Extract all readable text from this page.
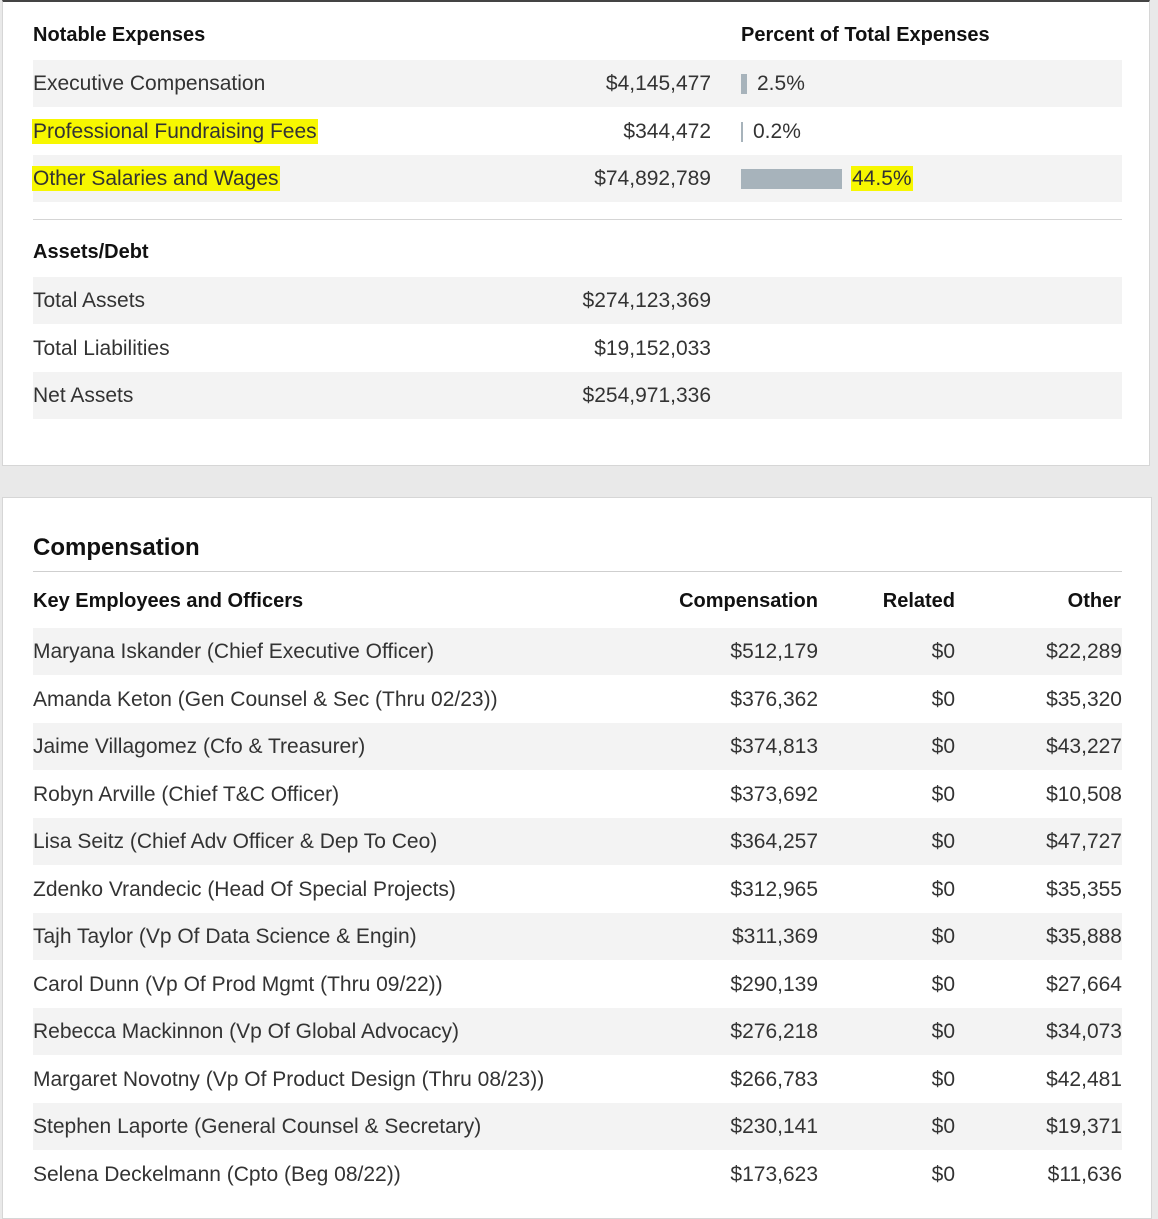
Notable Expenses	Percent of Total Expenses
Executive Compensation	$4,145,477 2.5%
Professional Fundraising Fees	$344,472 0.2%
Other Salaries and Wages	$74,892,789	44.5%
Assets/Debt
Total Assets	$274,123,369
Total Liabilities	$19,152,033
Net Assets	$254,971,336
Compensation
Key Employees and Officers	Compensation	Related	Other
Maryana Iskander (Chief Executive Officer)	$512,179	$0	$22,289
Amanda Keton (Gen Counsel & Sec (Thru 02/23))	$376,362	$0	$35,320
Jaime Villagomez (Cfo & Treasurer)	$374,813	$0	$43,227
Robyn Arville (Chief T&C Officer)	$373,692	$0	$10,508
Lisa Seitz (Chief Adv Officer & Dep To Ceo)	$364,257	$0	$47,727
Zdenko Vrandecic (Head Of Special Projects)	$312,965	$0	$35,355
Tajh Taylor (Vp Of Data Science & Engin)	$311,369	$0	$35,888
Carol Dunn (Vp Of Prod Mgmt (Thru 09/22))	$290,139	$0	$27,664
Rebecca Mackinnon (Vp Of Global Advocacy)	$276,218	$0	$34,073
Margaret Novotny (Vp Of Product Design (Thru 08/23))	$266,783	$0	$42,481
Stephen Laporte (General Counsel & Secretary)	$230,141	$0	$19,371
Selena Deckelmann (Cpto (Beg 08/22))	$173,623	$0	$11,636
